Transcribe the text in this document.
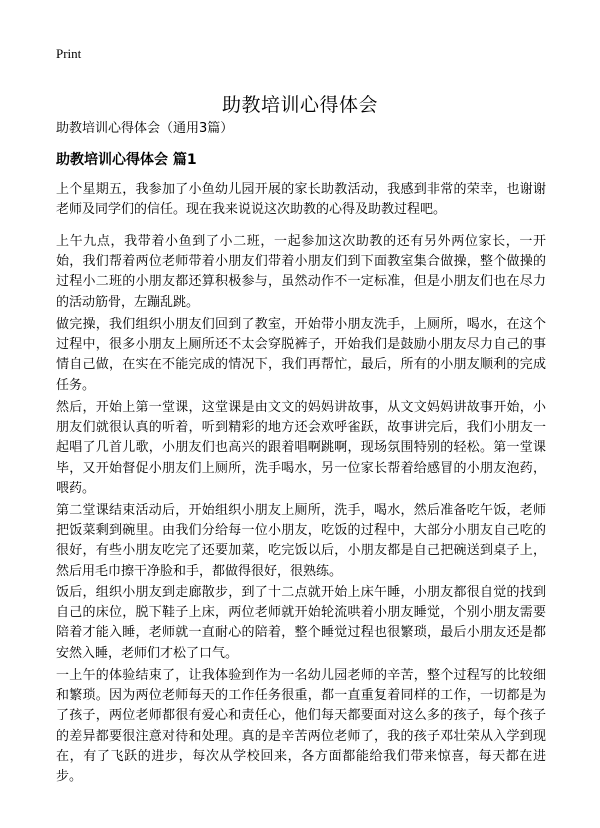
Print
助教培训心得体会
助教培训心得体会（通用3篇）
助教培训心得体会 篇1

上个星期五，我参加了小鱼幼儿园开展的家长助教活动，我感到非常的荣幸，也谢谢老师及同学们的信任。现在我来说说这次助教的心得及助教过程吧。

上午九点，我带着小鱼到了小二班，一起参加这次助教的还有另外两位家长，一开始，我们帮着两位老师带着小朋友们带着小朋友们到下面教室集合做操，整个做操的过程小二班的小朋友都还算积极参与，虽然动作不一定标准，但是小朋友们也在尽力的活动筋骨，左蹦乱跳。

做完操，我们组织小朋友们回到了教室，开始带小朋友洗手，上厕所，喝水，在这个过程中，很多小朋友上厕所还不太会穿脱裤子，开始我们是鼓励小朋友尽力自己的事情自己做，在实在不能完成的情况下，我们再帮忙，最后，所有的小朋友顺利的完成任务。

然后，开始上第一堂课，这堂课是由文文的妈妈讲故事，从文文妈妈讲故事开始，小朋友们就很认真的听着，听到精彩的地方还会欢呼雀跃，故事讲完后，我们小朋友一起唱了几首儿歌，小朋友们也高兴的跟着唱啊跳啊，现场氛围特别的轻松。第一堂课毕，又开始督促小朋友们上厕所，洗手喝水，另一位家长帮着给感冒的小朋友泡药，喂药。

第二堂课结束活动后，开始组织小朋友上厕所，洗手，喝水，然后准备吃午饭，老师把饭菜剩到碗里。由我们分给每一位小朋友，吃饭的过程中，大部分小朋友自己吃的很好，有些小朋友吃完了还要加菜，吃完饭以后，小朋友都是自己把碗送到桌子上，然后用毛巾擦干净脸和手，都做得很好，很熟练。

饭后，组织小朋友到走廊散步，到了十二点就开始上床午睡，小朋友都很自觉的找到自己的床位，脱下鞋子上床，两位老师就开始轮流哄着小朋友睡觉，个别小朋友需要陪着才能入睡，老师就一直耐心的陪着，整个睡觉过程也很繁琐，最后小朋友还是都安然入睡，老师们才松了口气。

一上午的体验结束了，让我体验到作为一名幼儿园老师的辛苦，整个过程写的比较细和繁琐。因为两位老师每天的工作任务很重，都一直重复着同样的工作，一切都是为了孩子，两位老师都很有爱心和责任心，他们每天都要面对这么多的孩子，每个孩子的差异都要很注意对待和处理。真的是辛苦两位老师了，我的孩子邓壮荣从入学到现在，有了飞跃的进步，每次从学校回来，各方面都能给我们带来惊喜，每天都在进步。
